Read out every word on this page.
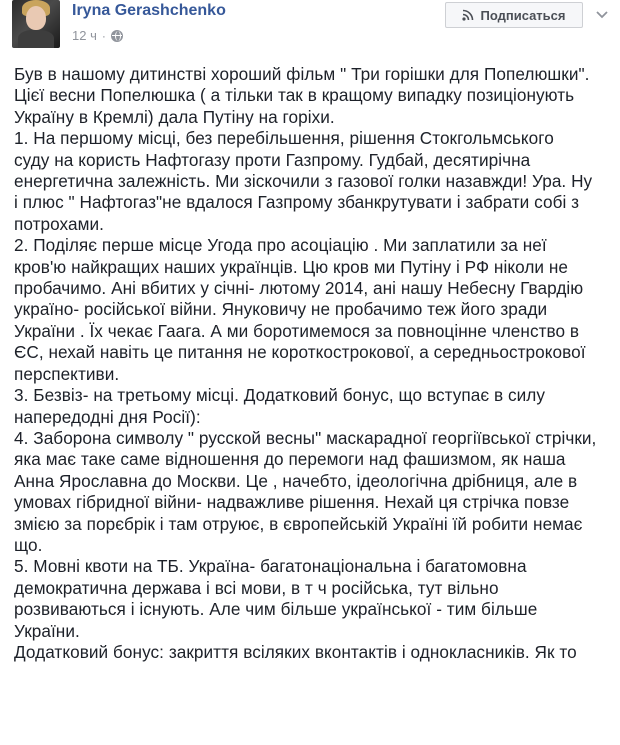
Iryna Gerashchenko
12 ч ·
Подписаться
Був в нашому дитинстві хороший фільм " Три горішки для Попелюшки".
Цієї весни Попелюшка ( а тільки так в кращому випадку позиціонують
Україну в Кремлі) дала Путіну на горіхи.
1. На першому місці, без перебільшення, рішення Стокгольмського
суду на користь Нафтогазу проти Газпрому. Гудбай, десятирічна
енергетична залежність. Ми зіскочили з газової голки назавжди! Ура. Ну
і плюс " Нафтогаз"не вдалося Газпрому збанкрутувати і забрати собі з
потрохами.
2. Поділяє перше місце Угода про асоціацію . Ми заплатили за неї
кров'ю найкращих наших українців. Цю кров ми Путіну і РФ ніколи не
пробачимо. Ані вбитих у січні- лютому 2014, ані нашу Небесну Гвардію
україно- російської війни. Януковичу не пробачимо теж його зради
України . Їх чекає Гаага. А ми боротимемося за повноцінне членство в
ЄС, нехай навіть це питання не короткострокової, а середньострокової
перспективи.
3. Безвіз- на третьому місці. Додатковий бонус, що вступає в силу
напередодні дня Росії):
4. Заборона символу " русской весны" маскарадної георгіївської стрічки,
яка має таке саме відношення до перемоги над фашизмом, як наша
Анна Ярославна до Москви. Це , начебто, ідеологічна дрібниця, але в
умовах гібридної війни- надважливе рішення. Нехай ця стрічка повзе
змією за порєбрік і там отруює, в європейській Україні їй робити немає
що.
5. Мовні квоти на ТБ. Україна- багатонаціональна і багатомовна
демократична держава і всі мови, в т ч російська, тут вільно
розвиваються і існують. Але чим більше української - тим більше
України.
Додатковий бонус: закриття всіляких вконтактів і однокласників. Як то
